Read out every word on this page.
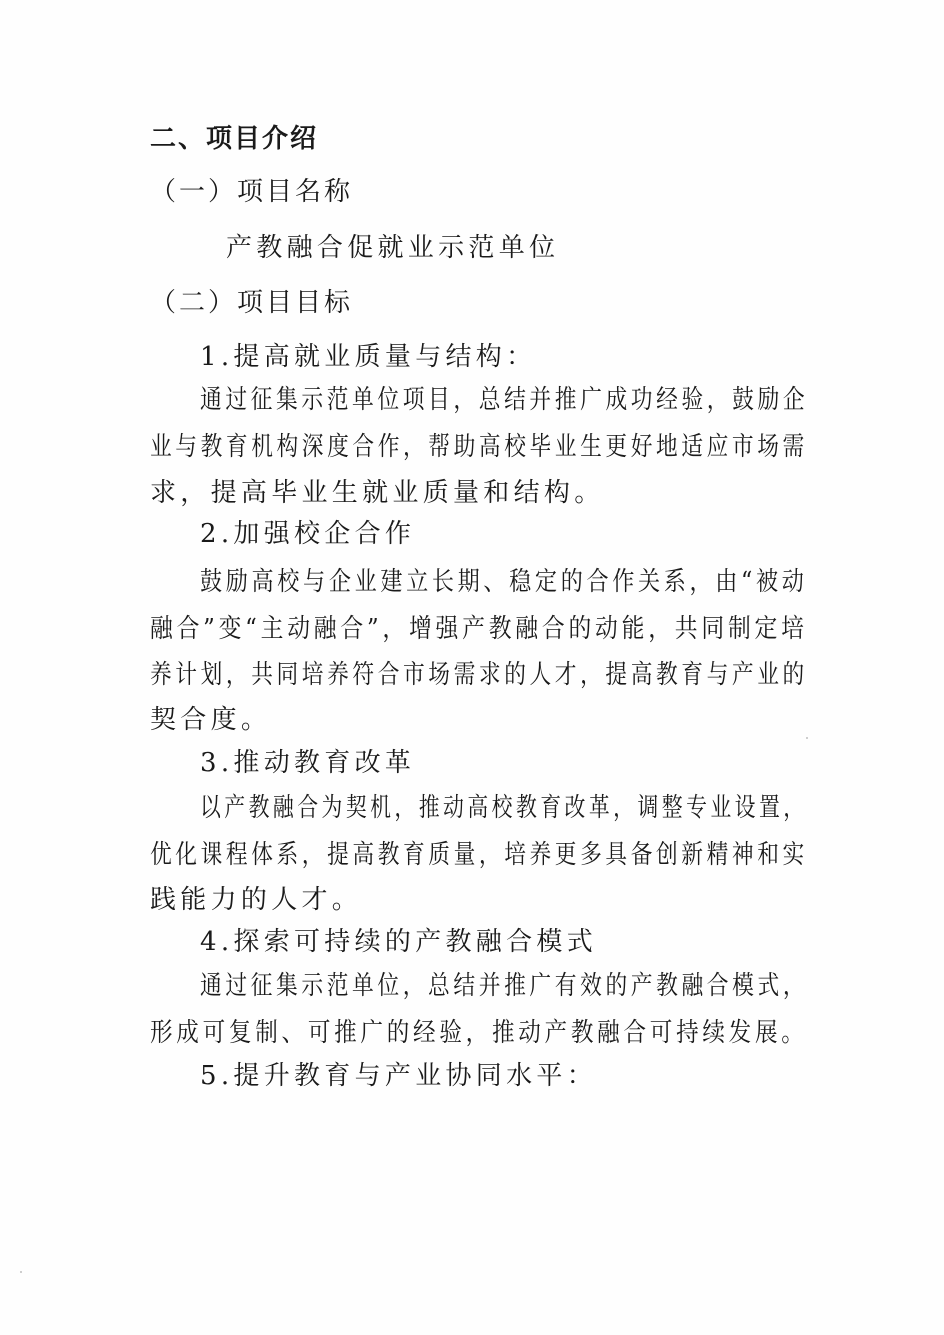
二、项目介绍
（一）项目名称
产教融合促就业示范单位
（二）项目目标
1.提高就业质量与结构：
通过征集示范单位项目，总结并推广成功经验，鼓励企
业与教育机构深度合作，帮助高校毕业生更好地适应市场需
求，提高毕业生就业质量和结构。
2.加强校企合作
鼓励高校与企业建立长期、稳定的合作关系，由“被动
融合”变“主动融合”，增强产教融合的动能，共同制定培
养计划，共同培养符合市场需求的人才，提高教育与产业的
契合度。
3.推动教育改革
以产教融合为契机，推动高校教育改革，调整专业设置，
优化课程体系，提高教育质量，培养更多具备创新精神和实
践能力的人才。
4.探索可持续的产教融合模式
通过征集示范单位，总结并推广有效的产教融合模式，
形成可复制、可推广的经验，推动产教融合可持续发展。
5.提升教育与产业协同水平：
